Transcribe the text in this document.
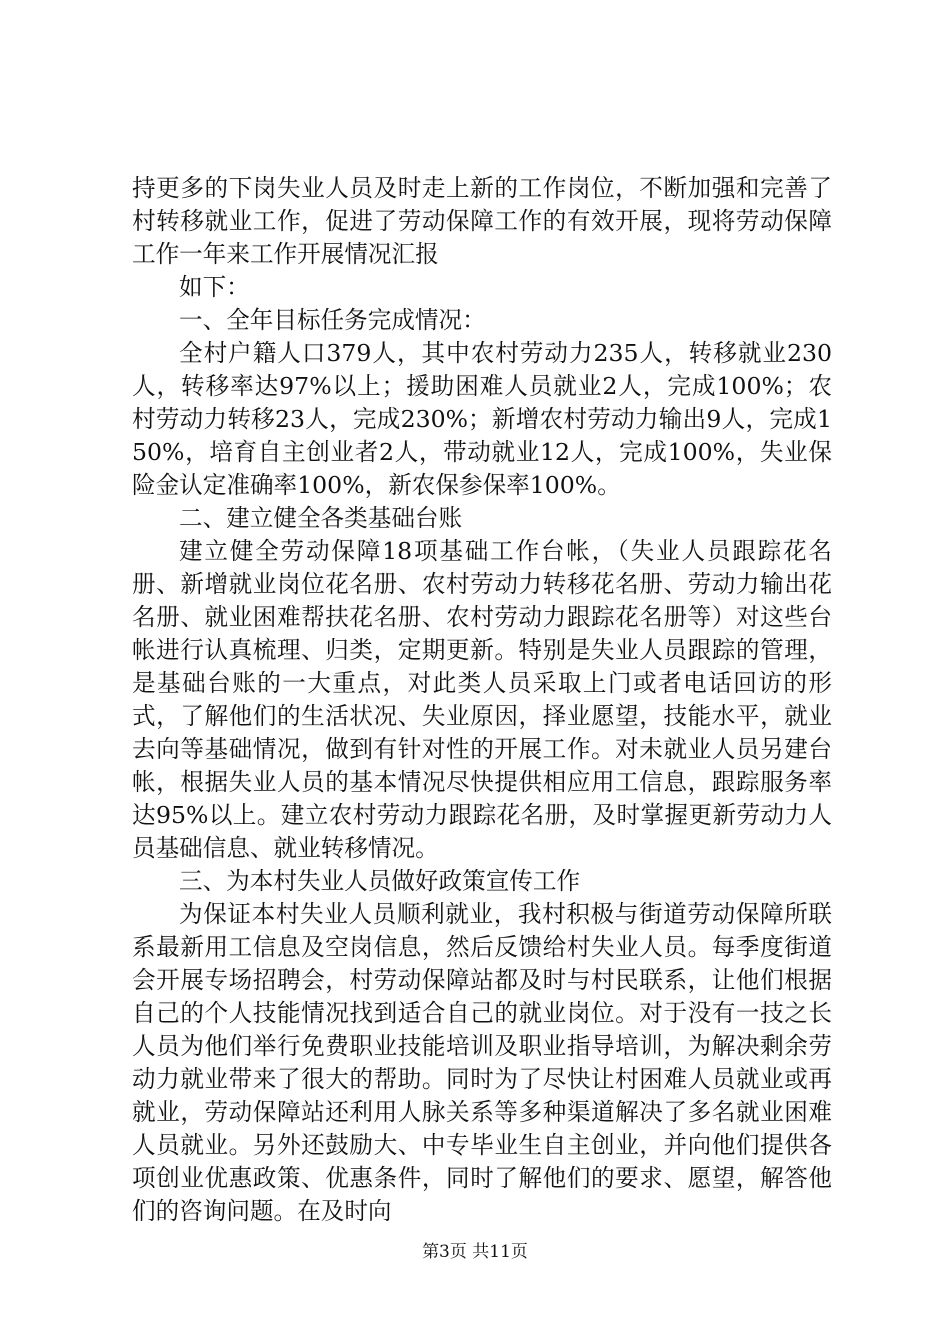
持更多的下岗失业人员及时走上新的工作岗位，不断加强和完善了村转移就业工作，促进了劳动保障工作的有效开展，现将劳动保障工作一年来工作开展情况汇报

如下：

一、全年目标任务完成情况：

全村户籍人口379人，其中农村劳动力235人，转移就业230人，转移率达97%以上；援助困难人员就业2人，完成100%；农村劳动力转移23人，完成230%；新增农村劳动力输出9人，完成150%，培育自主创业者2人，带动就业12人，完成100%，失业保险金认定准确率100%，新农保参保率100%。

二、建立健全各类基础台账

建立健全劳动保障18项基础工作台帐，（失业人员跟踪花名册、新增就业岗位花名册、农村劳动力转移花名册、劳动力输出花名册、就业困难帮扶花名册、农村劳动力跟踪花名册等）对这些台帐进行认真梳理、归类，定期更新。特别是失业人员跟踪的管理，是基础台账的一大重点，对此类人员采取上门或者电话回访的形式，了解他们的生活状况、失业原因，择业愿望，技能水平，就业去向等基础情况，做到有针对性的开展工作。对未就业人员另建台帐，根据失业人员的基本情况尽快提供相应用工信息，跟踪服务率达95%以上。建立农村劳动力跟踪花名册，及时掌握更新劳动力人员基础信息、就业转移情况。

三、为本村失业人员做好政策宣传工作

为保证本村失业人员顺利就业，我村积极与街道劳动保障所联系最新用工信息及空岗信息，然后反馈给村失业人员。每季度街道会开展专场招聘会，村劳动保障站都及时与村民联系，让他们根据自己的个人技能情况找到适合自己的就业岗位。对于没有一技之长人员为他们举行免费职业技能培训及职业指导培训，为解决剩余劳动力就业带来了很大的帮助。同时为了尽快让村困难人员就业或再就业，劳动保障站还利用人脉关系等多种渠道解决了多名就业困难人员就业。另外还鼓励大、中专毕业生自主创业，并向他们提供各项创业优惠政策、优惠条件，同时了解他们的要求、愿望，解答他们的咨询问题。在及时向

第3页 共11页
